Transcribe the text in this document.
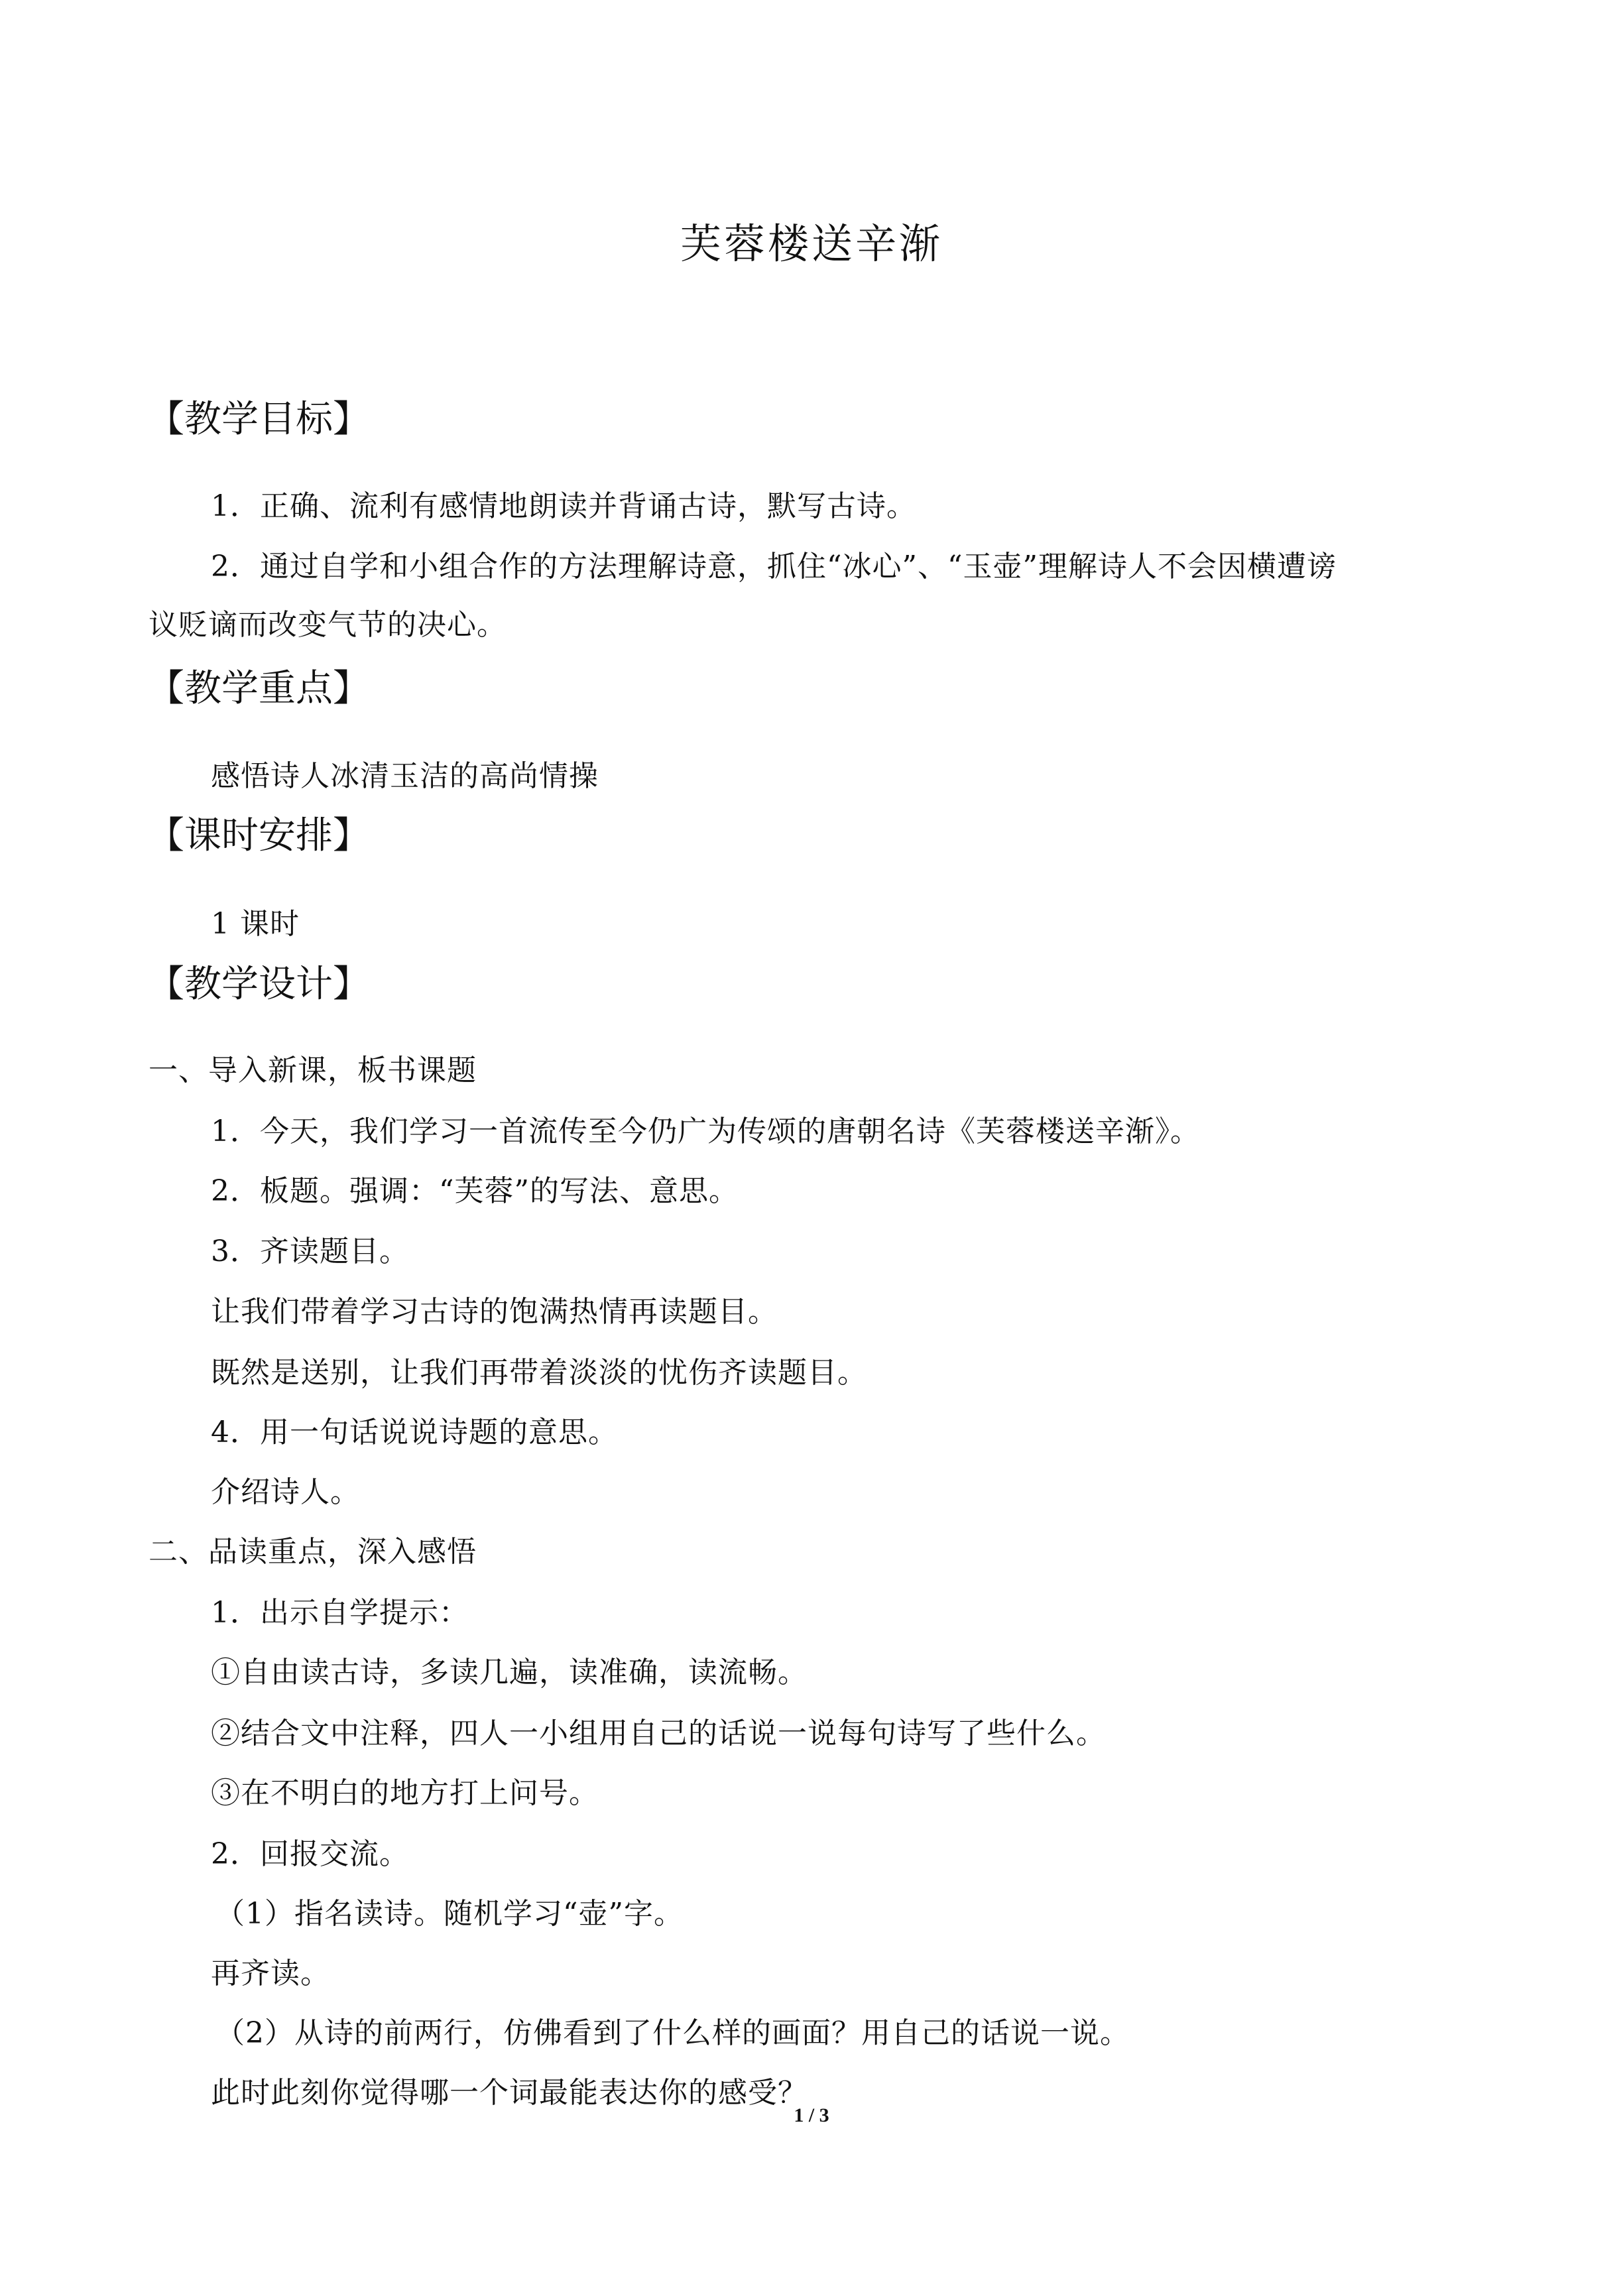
芙蓉楼送辛渐
【教学目标】
1．正确、流利有感情地朗读并背诵古诗，默写古诗。
2．通过自学和小组合作的方法理解诗意，抓住“冰心”、“玉壶”理解诗人不会因横遭谤
议贬谪而改变气节的决心。
【教学重点】
感悟诗人冰清玉洁的高尚情操
【课时安排】
1 课时
【教学设计】
一、导入新课，板书课题
1．今天，我们学习一首流传至今仍广为传颂的唐朝名诗《芙蓉楼送辛渐》。
2．板题。强调：“芙蓉”的写法、意思。
3．齐读题目。
让我们带着学习古诗的饱满热情再读题目。
既然是送别，让我们再带着淡淡的忧伤齐读题目。
4．用一句话说说诗题的意思。
介绍诗人。
二、品读重点，深入感悟
1．出示自学提示：
①自由读古诗，多读几遍，读准确，读流畅。
②结合文中注释，四人一小组用自己的话说一说每句诗写了些什么。
③在不明白的地方打上问号。
2．回报交流。
（1）指名读诗。随机学习“壶”字。
再齐读。
（2）从诗的前两行，仿佛看到了什么样的画面？用自己的话说一说。
此时此刻你觉得哪一个词最能表达你的感受？
1 / 3
